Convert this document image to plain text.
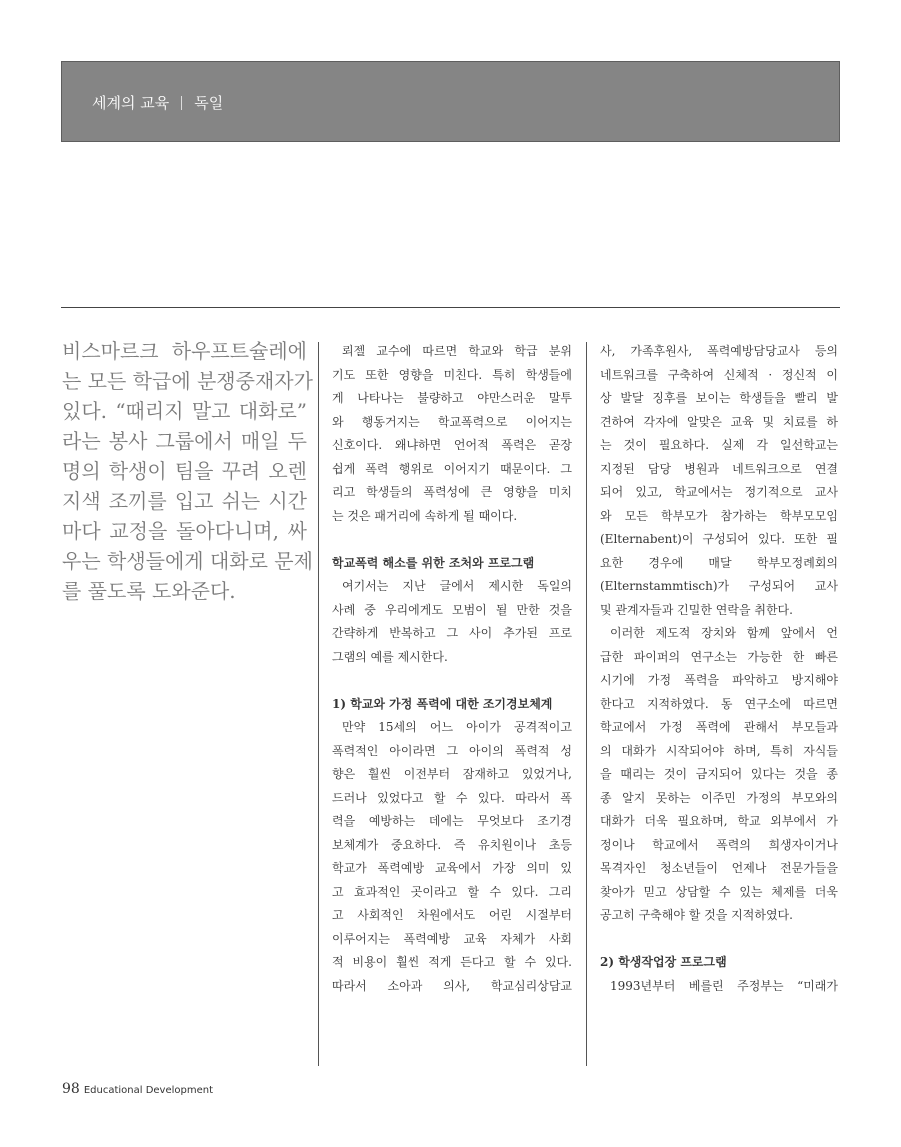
세계의 교육 독일
비스마르크 하우프트슐레에
는 모든 학급에 분쟁중재자가
있다. “때리지 말고 대화로”
라는 봉사 그룹에서 매일 두
명의 학생이 팀을 꾸려 오렌
지색 조끼를 입고 쉬는 시간
마다 교정을 돌아다니며, 싸
우는 학생들에게 대화로 문제
를 풀도록 도와준다.
뢰젤 교수에 따르면 학교와 학급 분위
기도 또한 영향을 미친다. 특히 학생들에
게 나타나는 불량하고 야만스러운 말투
와 행동거지는 학교폭력으로 이어지는
신호이다. 왜냐하면 언어적 폭력은 곧장
쉽게 폭력 행위로 이어지기 때문이다. 그
리고 학생들의 폭력성에 큰 영향을 미치
는 것은 패거리에 속하게 될 때이다.
학교폭력 해소를 위한 조처와 프로그램
여기서는 지난 글에서 제시한 독일의
사례 중 우리에게도 모범이 될 만한 것을
간략하게 반복하고 그 사이 추가된 프로
그램의 예를 제시한다.
1) 학교와 가정 폭력에 대한 조기경보체계
만약 15세의 어느 아이가 공격적이고
폭력적인 아이라면 그 아이의 폭력적 성
향은 훨씬 이전부터 잠재하고 있었거나,
드러나 있었다고 할 수 있다. 따라서 폭
력을 예방하는 데에는 무엇보다 조기경
보체계가 중요하다. 즉 유치원이나 초등
학교가 폭력예방 교육에서 가장 의미 있
고 효과적인 곳이라고 할 수 있다. 그리
고 사회적인 차원에서도 어린 시절부터
이루어지는 폭력예방 교육 자체가 사회
적 비용이 훨씬 적게 든다고 할 수 있다.
따라서 소아과 의사, 학교심리상담교
사, 가족후원사, 폭력예방담당교사 등의
네트워크를 구축하여 신체적 · 정신적 이
상 발달 징후를 보이는 학생들을 빨리 발
견하여 각자에 알맞은 교육 및 치료를 하
는 것이 필요하다. 실제 각 일선학교는
지정된 담당 병원과 네트워크으로 연결
되어 있고, 학교에서는 정기적으로 교사
와 모든 학부모가 참가하는 학부모모임
(Elternabent)이 구성되어 있다. 또한 필
요한 경우에 매달 학부모정례회의
(Elternstammtisch)가 구성되어 교사
및 관계자들과 긴밀한 연락을 취한다.
이러한 제도적 장치와 함께 앞에서 언
급한 파이퍼의 연구소는 가능한 한 빠른
시기에 가정 폭력을 파악하고 방지해야
한다고 지적하였다. 동 연구소에 따르면
학교에서 가정 폭력에 관해서 부모들과
의 대화가 시작되어야 하며, 특히 자식들
을 때리는 것이 금지되어 있다는 것을 종
종 알지 못하는 이주민 가정의 부모와의
대화가 더욱 필요하며, 학교 외부에서 가
정이나 학교에서 폭력의 희생자이거나
목격자인 청소년들이 언제나 전문가들을
찾아가 믿고 상담할 수 있는 체제를 더욱
공고히 구축해야 할 것을 지적하였다.
2) 학생작업장 프로그램
1993년부터 베를린 주정부는 “미래가
98 Educational Development
